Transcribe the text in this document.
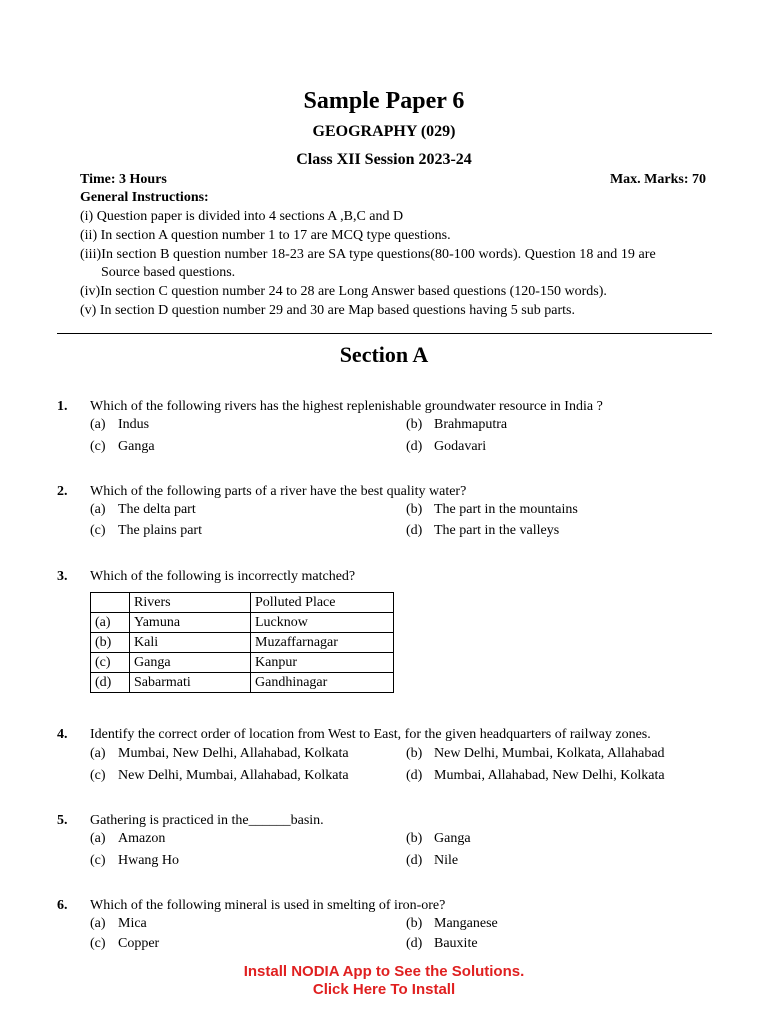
Sample Paper 6
GEOGRAPHY (029)
Class XII Session 2023-24
Time: 3 Hours	Max. Marks: 70
General Instructions:
(i) Question paper is divided into 4 sections A ,B,C and D
(ii) In section A question number 1 to 17 are MCQ type questions.
(iii)In section B question number 18-23 are SA type questions(80-100 words). Question 18 and 19 are
Source based questions.
(iv)In section C question number 24 to 28 are Long Answer based questions (120-150 words).
(v) In section D question number 29 and 30 are Map based questions having 5 sub parts.
Section A
1. Which of the following rivers has the highest replenishable groundwater resource in India ?
(a) Indus	(b) Brahmaputra
(c) Ganga	(d) Godavari
2. Which of the following parts of a river have the best quality water?
(a) The delta part	(b) The part in the mountains
(c) The plains part	(d) The part in the valleys
3. Which of the following is incorrectly matched?
	Rivers	Polluted Place
(a)	Yamuna	Lucknow
(b)	Kali	Muzaffarnagar
(c)	Ganga	Kanpur
(d)	Sabarmati	Gandhinagar
4. Identify the correct order of location from West to East, for the given headquarters of railway zones.
(a) Mumbai, New Delhi, Allahabad, Kolkata	(b) New Delhi, Mumbai, Kolkata, Allahabad
(c) New Delhi, Mumbai, Allahabad, Kolkata	(d) Mumbai, Allahabad, New Delhi, Kolkata
5. Gathering is practiced in the______basin.
(a) Amazon	(b) Ganga
(c) Hwang Ho	(d) Nile
6. Which of the following mineral is used in smelting of iron-ore?
(a) Mica	(b) Manganese
(c) Copper	(d) Bauxite
Install NODIA App to See the Solutions.
Click Here To Install
